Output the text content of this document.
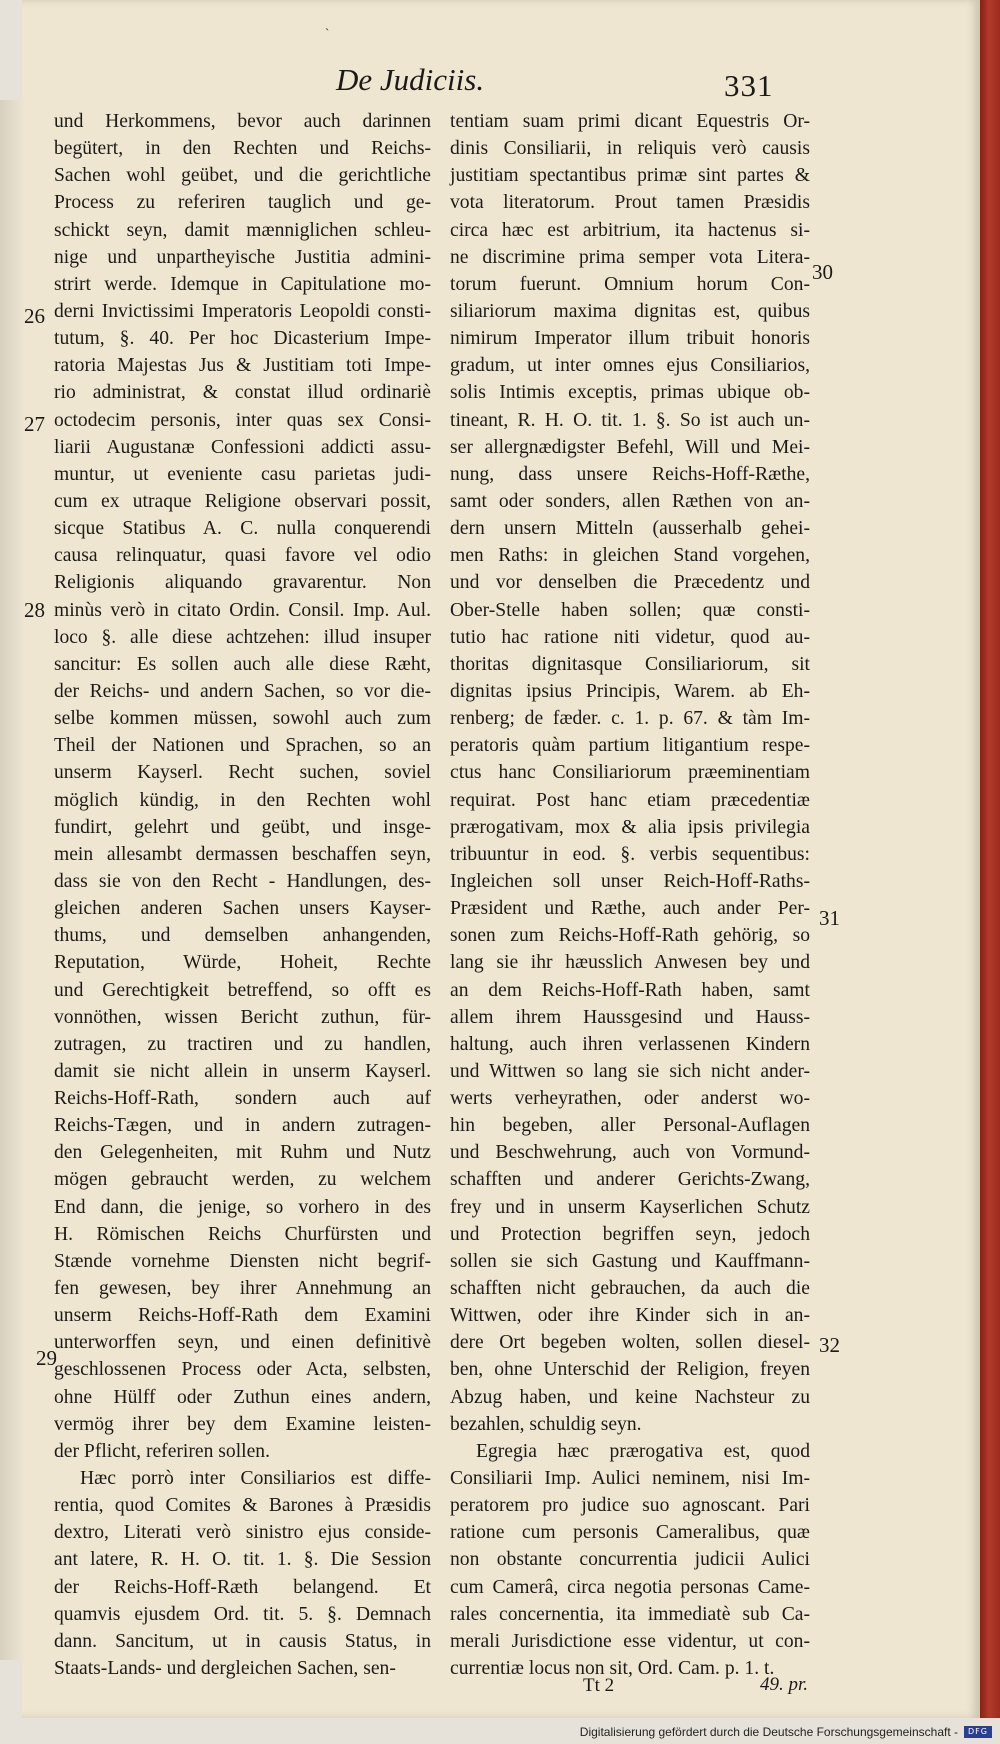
ˎ
De Judiciis.	331
und Herkommens, bevor auch darinnen
begütert, in den Rechten und Reichs-
Sachen wohl geübet, und die gerichtliche
Process zu referiren tauglich und ge-
schickt seyn, damit mænniglichen schleu-
nige und unpartheyische Justitia admini-
strirt werde. Idemque in Capitulatione mo-
derni Invictissimi Imperatoris Leopoldi consti-
tutum, §. 40. Per hoc Dicasterium Impe-
ratoria Majestas Jus & Justitiam toti Impe-
rio administrat, & constat illud ordinariè
octodecim personis, inter quas sex Consi-
liarii Augustanæ Confessioni addicti assu-
muntur, ut eveniente casu parietas judi-
cum ex utraque Religione observari possit,
sicque Statibus A. C. nulla conquerendi
causa relinquatur, quasi favore vel odio
Religionis aliquando gravarentur. Non
minùs verò in citato Ordin. Consil. Imp. Aul.
loco §. alle diese achtzehen: illud insuper
sancitur: Es sollen auch alle diese Ræht,
der Reichs- und andern Sachen, so vor die-
selbe kommen müssen, sowohl auch zum
Theil der Nationen und Sprachen, so an
unserm Kayserl. Recht suchen, soviel
möglich kündig, in den Rechten wohl
fundirt, gelehrt und geübt, und insge-
mein allesambt dermassen beschaffen seyn,
dass sie von den Recht - Handlungen, des-
gleichen anderen Sachen unsers Kayser-
thums, und demselben anhangenden,
Reputation, Würde, Hoheit, Rechte
und Gerechtigkeit betreffend, so offt es
vonnöthen, wissen Bericht zuthun, für-
zutragen, zu tractiren und zu handlen,
damit sie nicht allein in unserm Kayserl.
Reichs-Hoff-Rath, sondern auch auf
Reichs-Tægen, und in andern zutragen-
den Gelegenheiten, mit Ruhm und Nutz
mögen gebraucht werden, zu welchem
End dann, die jenige, so vorhero in des
H. Römischen Reichs Churfürsten und
Stænde vornehme Diensten nicht begrif-
fen gewesen, bey ihrer Annehmung an
unserm Reichs-Hoff-Rath dem Examini
unterworffen seyn, und einen definitivè
geschlossenen Process oder Acta, selbsten,
ohne Hülff oder Zuthun eines andern,
vermög ihrer bey dem Examine leisten-
der Pflicht, referiren sollen.
Hæc porrò inter Consiliarios est diffe-
rentia, quod Comites & Barones à Præsidis
dextro, Literati verò sinistro ejus conside-
ant latere, R. H. O. tit. 1. §. Die Session
der Reichs-Hoff-Ræth belangend. Et
quamvis ejusdem Ord. tit. 5. §. Demnach
dann. Sancitum, ut in causis Status, in
Staats-Lands- und dergleichen Sachen, sen-
tentiam suam primi dicant Equestris Or-
dinis Consiliarii, in reliquis verò causis
justitiam spectantibus primæ sint partes &
vota literatorum. Prout tamen Præsidis
circa hæc est arbitrium, ita hactenus si-
ne discrimine prima semper vota Litera-
torum fuerunt. Omnium horum Con-
siliariorum maxima dignitas est, quibus
nimirum Imperator illum tribuit honoris
gradum, ut inter omnes ejus Consiliarios,
solis Intimis exceptis, primas ubique ob-
tineant, R. H. O. tit. 1. §. So ist auch un-
ser allergnædigster Befehl, Will und Mei-
nung, dass unsere Reichs-Hoff-Ræthe,
samt oder sonders, allen Ræthen von an-
dern unsern Mitteln (ausserhalb gehei-
men Raths: in gleichen Stand vorgehen,
und vor denselben die Præcedentz und
Ober-Stelle haben sollen; quæ consti-
tutio hac ratione niti videtur, quod au-
thoritas dignitasque Consiliariorum, sit
dignitas ipsius Principis, Warem. ab Eh-
renberg; de fæder. c. 1. p. 67. & tàm Im-
peratoris quàm partium litigantium respe-
ctus hanc Consiliariorum præeminentiam
requirat. Post hanc etiam præcedentiæ
prærogativam, mox & alia ipsis privilegia
tribuuntur in eod. §. verbis sequentibus:
Ingleichen soll unser Reich-Hoff-Raths-
Præsident und Ræthe, auch ander Per-
sonen zum Reichs-Hoff-Rath gehörig, so
lang sie ihr hæusslich Anwesen bey und
an dem Reichs-Hoff-Rath haben, samt
allem ihrem Haussgesind und Hauss-
haltung, auch ihren verlassenen Kindern
und Wittwen so lang sie sich nicht ander-
werts verheyrathen, oder anderst wo-
hin begeben, aller Personal-Auflagen
und Beschwehrung, auch von Vormund-
schafften und anderer Gerichts-Zwang,
frey und in unserm Kayserlichen Schutz
und Protection begriffen seyn, jedoch
sollen sie sich Gastung und Kauffmann-
schafften nicht gebrauchen, da auch die
Wittwen, oder ihre Kinder sich in an-
dere Ort begeben wolten, sollen diesel-
ben, ohne Unterschid der Religion, freyen
Abzug haben, und keine Nachsteur zu
bezahlen, schuldig seyn.
Egregia hæc prærogativa est, quod
Consiliarii Imp. Aulici neminem, nisi Im-
peratorem pro judice suo agnoscant. Pari
ratione cum personis Cameralibus, quæ
non obstante concurrentia judicii Aulici
cum Camerâ, circa negotia personas Came-
rales concernentia, ita immediatè sub Ca-
merali Jurisdictione esse videntur, ut con-
currentiæ locus non sit, Ord. Cam. p. 1. t.
26
27
28
29
30
31
32
Tt 2	49. pr.
Digitalisierung gefördert durch die Deutsche Forschungsgemeinschaft -	DFG
